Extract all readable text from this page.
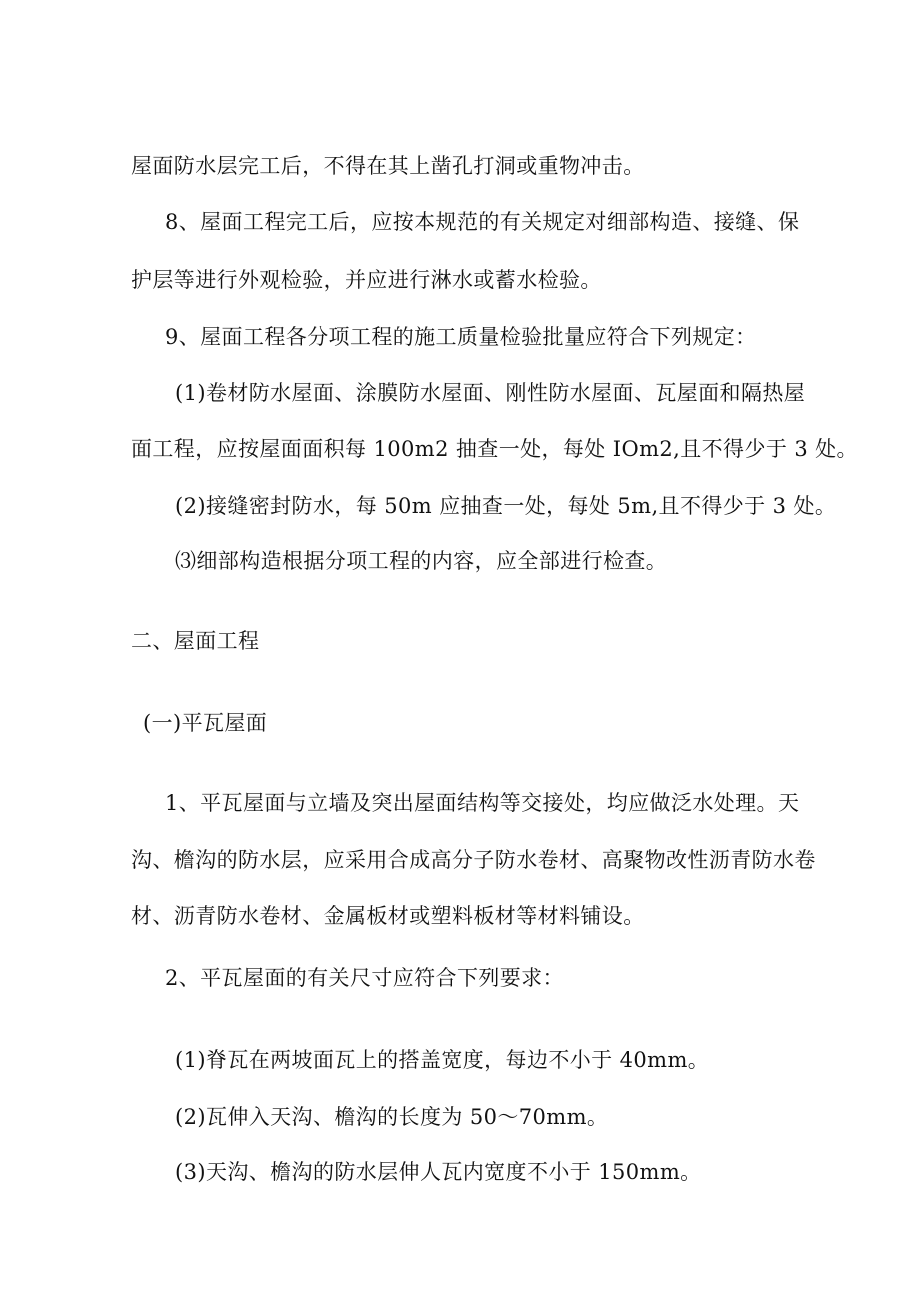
屋面防水层完工后，不得在其上凿孔打洞或重物冲击。

8、屋面工程完工后，应按本规范的有关规定对细部构造、接缝、保

护层等进行外观检验，并应进行淋水或蓄水检验。

9、屋面工程各分项工程的施工质量检验批量应符合下列规定：

(1)卷材防水屋面、涂膜防水屋面、刚性防水屋面、瓦屋面和隔热屋

面工程，应按屋面面积每 100m2 抽查一处，每处 IOm2,且不得少于 3 处。

(2)接缝密封防水，每 50m 应抽查一处，每处 5m,且不得少于 3 处。

⑶细部构造根据分项工程的内容，应全部进行检查。

二、屋面工程

(一)平瓦屋面

1、平瓦屋面与立墙及突出屋面结构等交接处，均应做泛水处理。天

沟、檐沟的防水层，应采用合成高分子防水卷材、高聚物改性沥青防水卷

材、沥青防水卷材、金属板材或塑料板材等材料铺设。

2、平瓦屋面的有关尺寸应符合下列要求：

(1)脊瓦在两坡面瓦上的搭盖宽度，每边不小于 40mm。

(2)瓦伸入天沟、檐沟的长度为 50～70mm。

(3)天沟、檐沟的防水层伸人瓦内宽度不小于 150mm。
